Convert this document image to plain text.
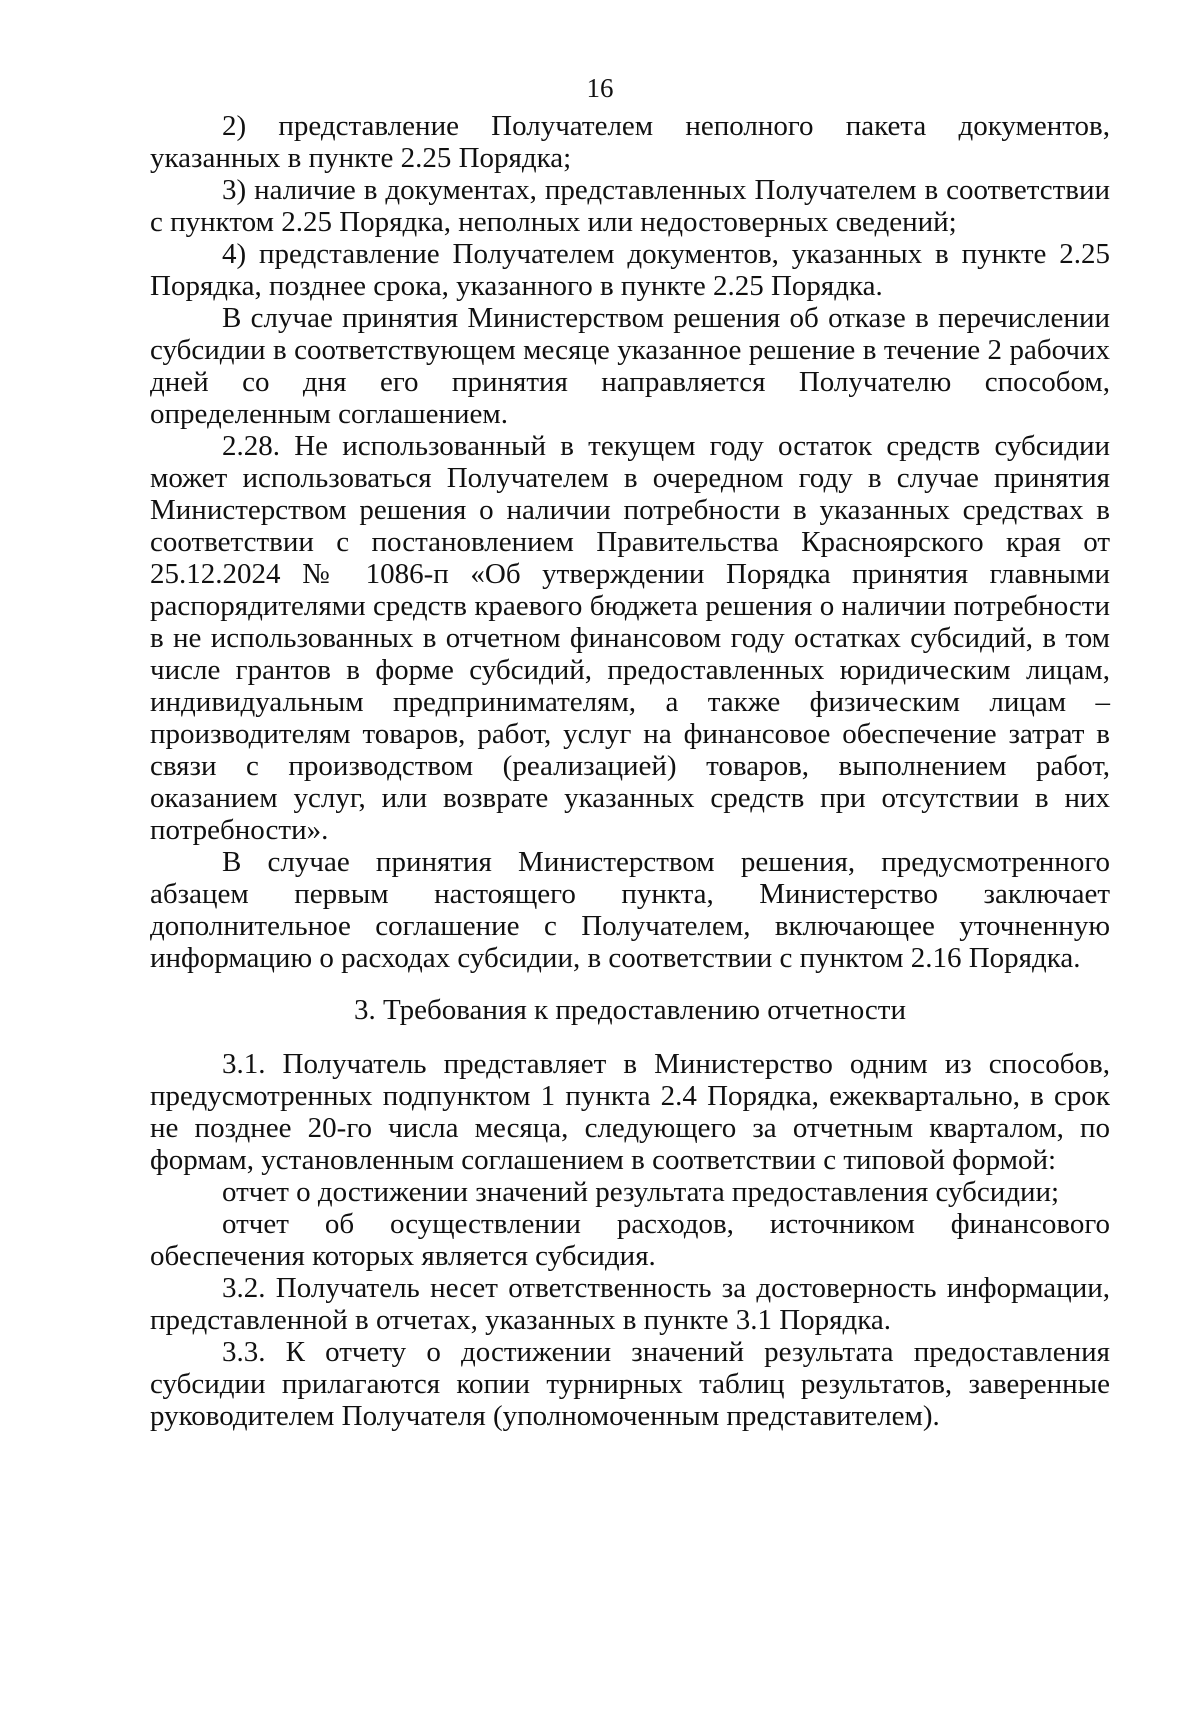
16

2) представление Получателем неполного пакета документов, указанных в пункте 2.25 Порядка;

3) наличие в документах, представленных Получателем в соответствии с пунктом 2.25 Порядка, неполных или недостоверных сведений;

4) представление Получателем документов, указанных в пункте 2.25 Порядка, позднее срока, указанного в пункте 2.25 Порядка.

В случае принятия Министерством решения об отказе в перечислении субсидии в соответствующем месяце указанное решение в течение 2 рабочих дней со дня его принятия направляется Получателю способом, определенным соглашением.

2.28. Не использованный в текущем году остаток средств субсидии может использоваться Получателем в очередном году в случае принятия Министерством решения о наличии потребности в указанных средствах в соответствии с постановлением Правительства Красноярского края от 25.12.2024 № 1086-п «Об утверждении Порядка принятия главными распорядителями средств краевого бюджета решения о наличии потребности в не использованных в отчетном финансовом году остатках субсидий, в том числе грантов в форме субсидий, предоставленных юридическим лицам, индивидуальным предпринимателям, а также физическим лицам – производителям товаров, работ, услуг на финансовое обеспечение затрат в связи с производством (реализацией) товаров, выполнением работ, оказанием услуг, или возврате указанных средств при отсутствии в них потребности».

В случае принятия Министерством решения, предусмотренного абзацем первым настоящего пункта, Министерство заключает дополнительное соглашение с Получателем, включающее уточненную информацию о расходах субсидии, в соответствии с пунктом 2.16 Порядка.

3. Требования к предоставлению отчетности

3.1. Получатель представляет в Министерство одним из способов, предусмотренных подпунктом 1 пункта 2.4 Порядка, ежеквартально, в срок не позднее 20-го числа месяца, следующего за отчетным кварталом, по формам, установленным соглашением в соответствии с типовой формой:

отчет о достижении значений результата предоставления субсидии;

отчет об осуществлении расходов, источником финансового обеспечения которых является субсидия.

3.2. Получатель несет ответственность за достоверность информации, представленной в отчетах, указанных в пункте 3.1 Порядка.

3.3. К отчету о достижении значений результата предоставления субсидии прилагаются копии турнирных таблиц результатов, заверенные руководителем Получателя (уполномоченным представителем).
